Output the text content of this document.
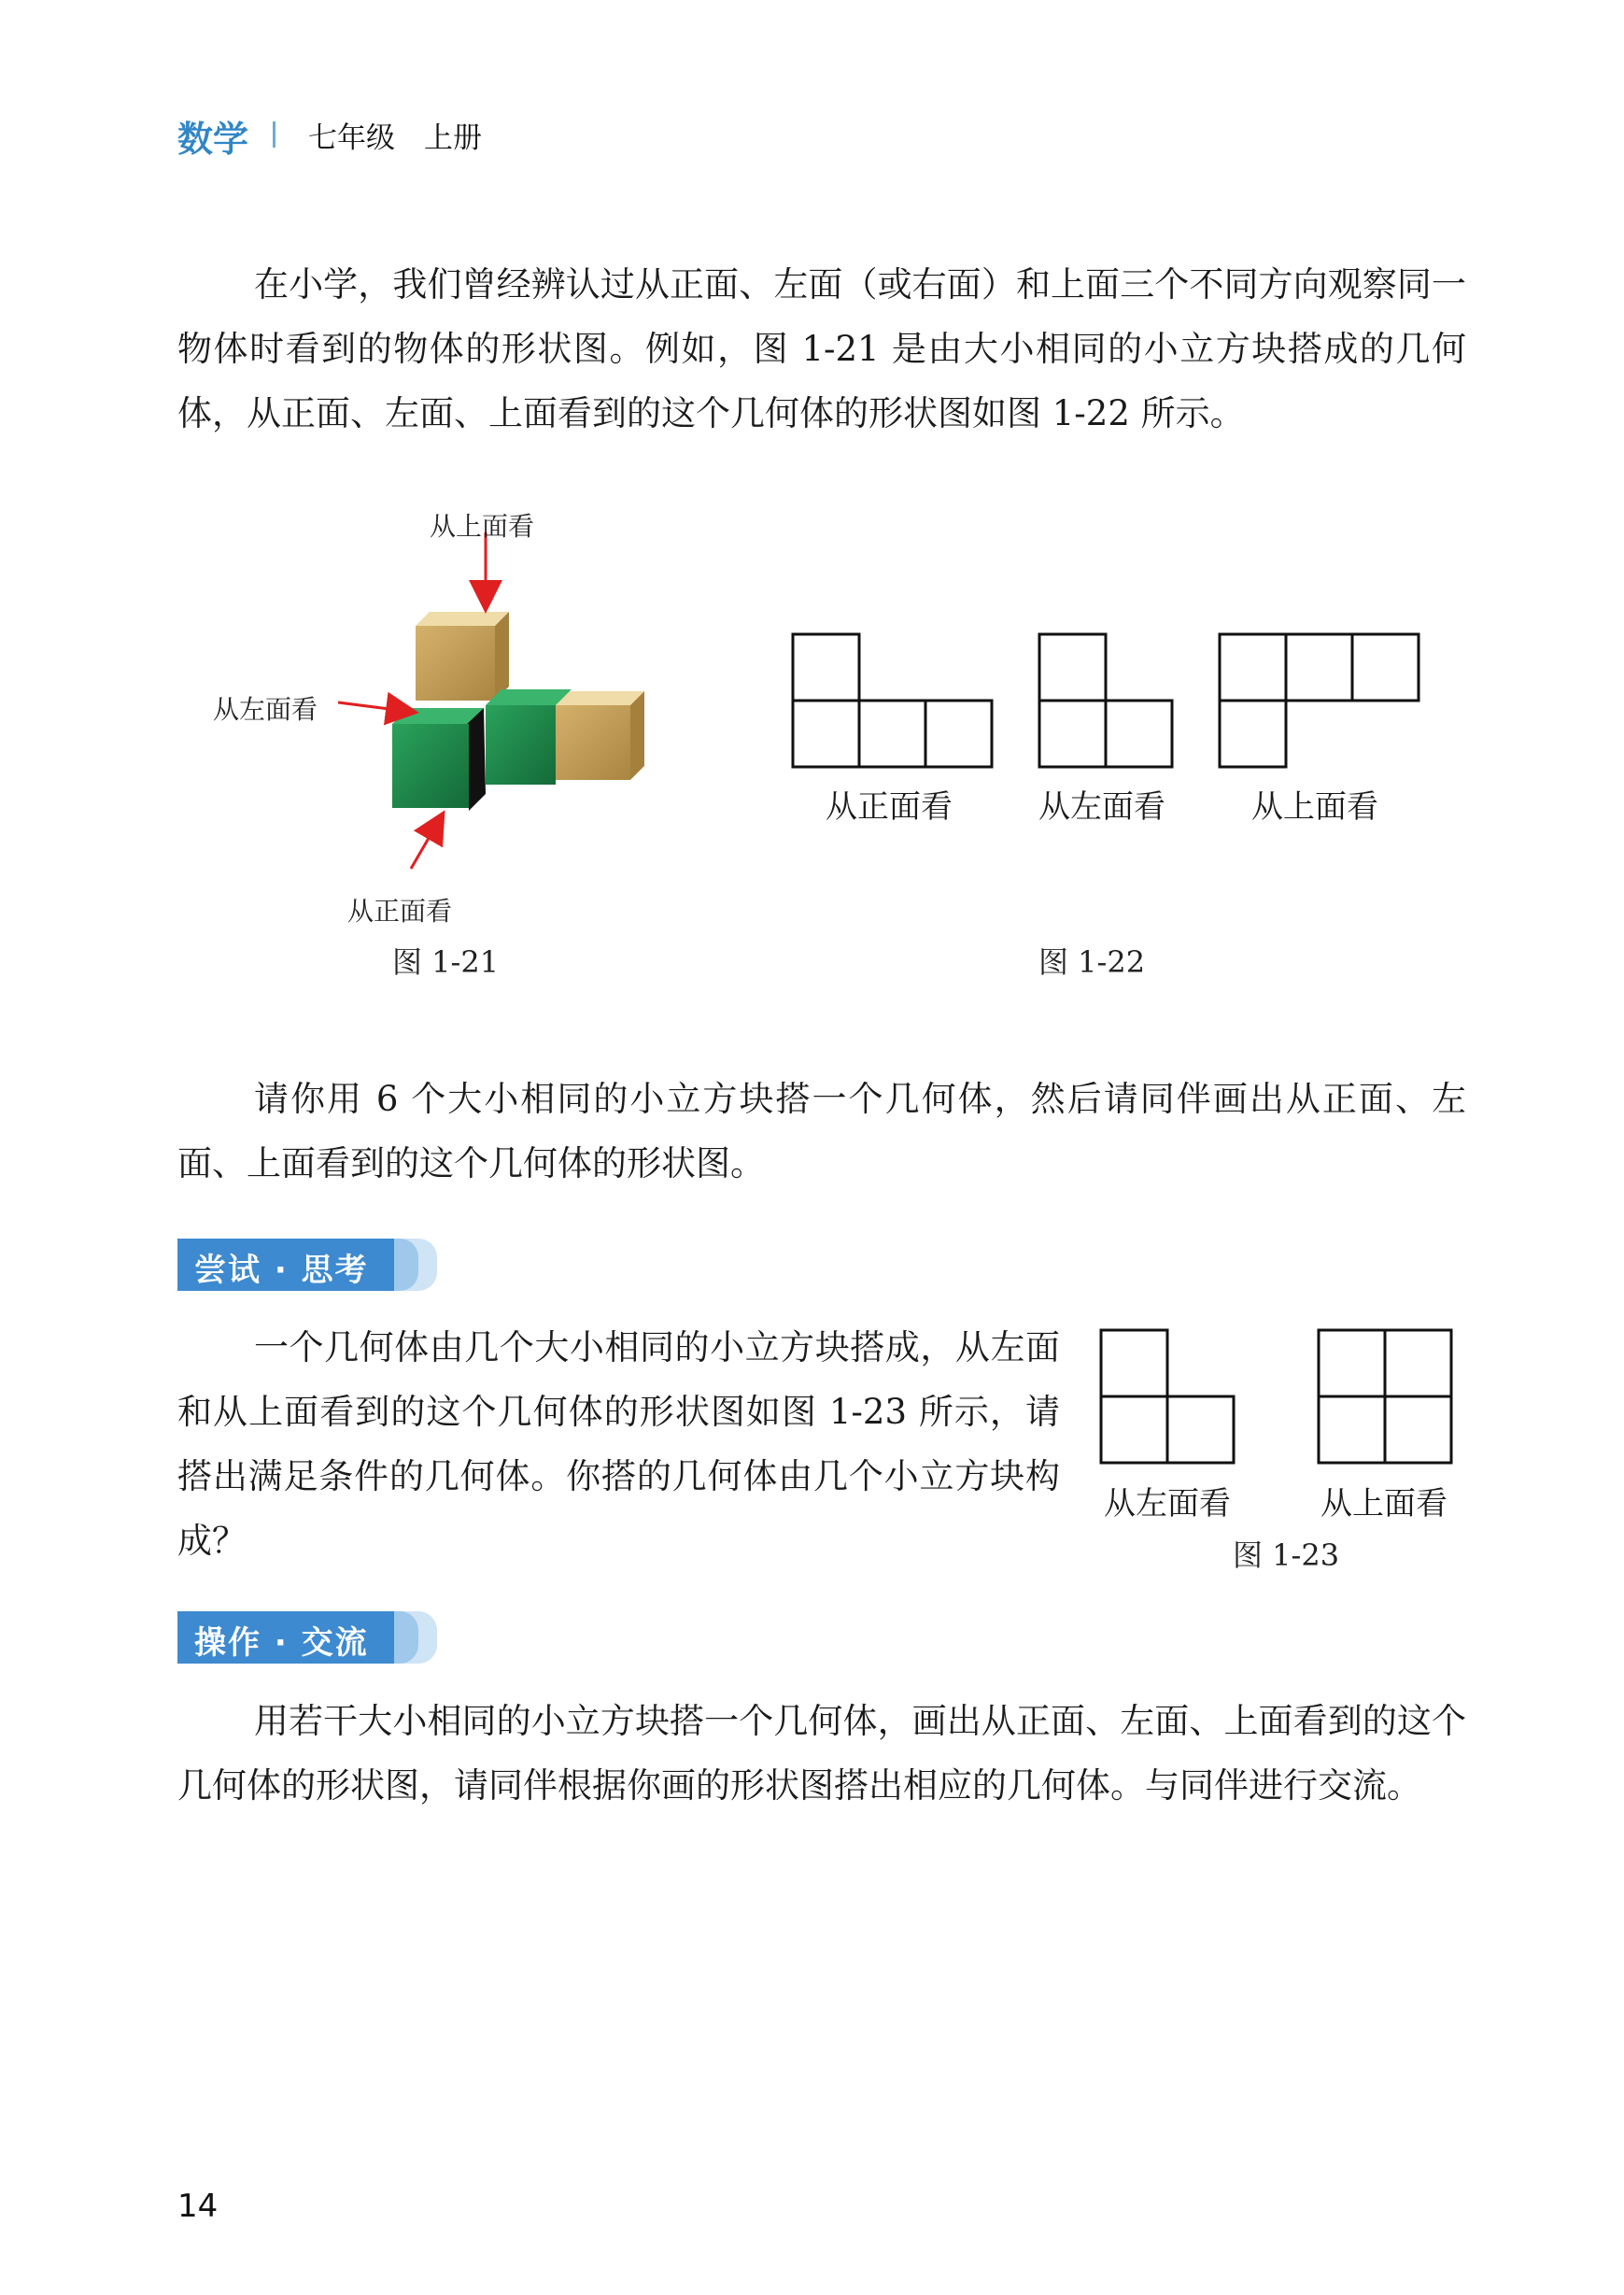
数学 七年级　上册

在小学，我们曾经辨认过从正面、左面（或右面）和上面三个不同方向观察同一物体时看到的物体的形状图。例如，图 1-21 是由大小相同的小立方块搭成的几何体，从正面、左面、上面看到的这个几何体的形状图如图 1-22 所示。

从上面看
从左面看
从正面看
图 1-21
从正面看	从左面看	从上面看
图 1-22

请你用 6 个大小相同的小立方块搭一个几何体，然后请同伴画出从正面、左面、上面看到的这个几何体的形状图。

尝试 · 思考

一个几何体由几个大小相同的小立方块搭成，从左面和从上面看到的这个几何体的形状图如图 1-23 所示，请搭出满足条件的几何体。你搭的几何体由几个小立方块构成？

从左面看	从上面看
图 1-23
操作 · 交流

用若干大小相同的小立方块搭一个几何体，画出从正面、左面、上面看到的这个几何体的形状图，请同伴根据你画的形状图搭出相应的几何体。与同伴进行交流。

14
